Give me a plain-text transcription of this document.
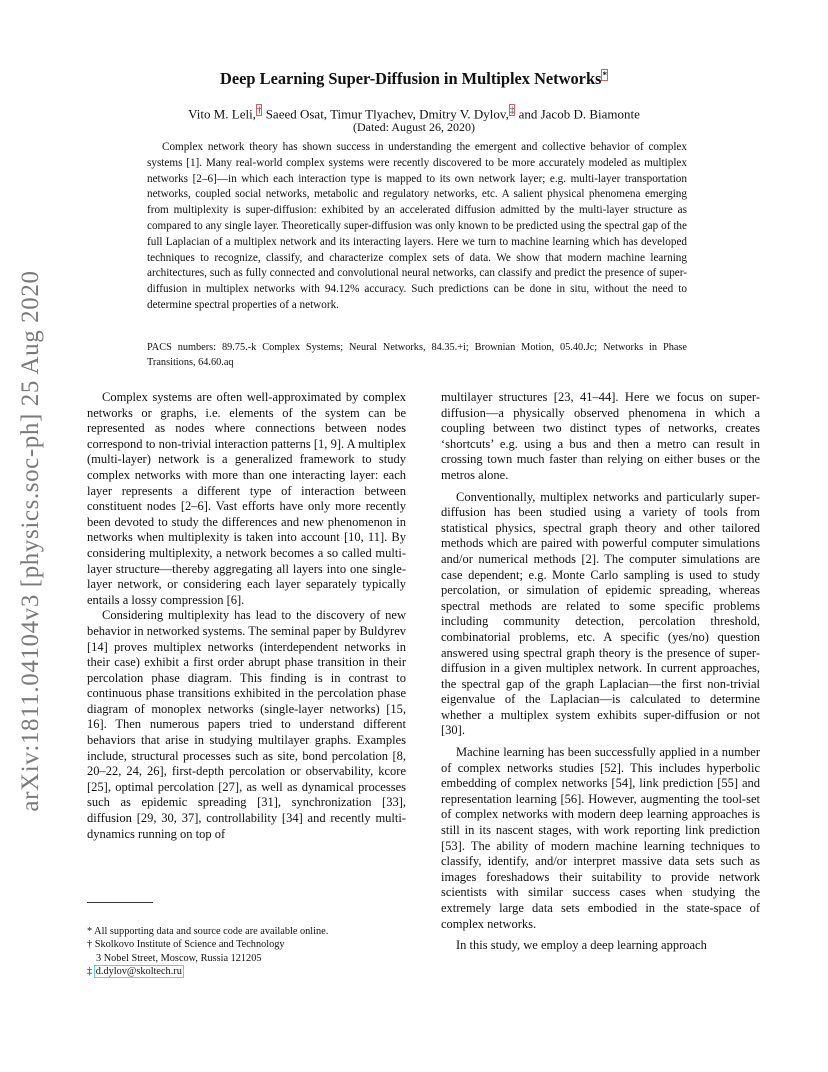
arXiv:1811.04104v3 [physics.soc-ph] 25 Aug 2020
Deep Learning Super-Diffusion in Multiplex Networks*
Vito M. Leli,† Saeed Osat, Timur Tlyachev, Dmitry V. Dylov,‡ and Jacob D. Biamonte
(Dated: August 26, 2020)

Complex network theory has shown success in understanding the emergent and collective behavior of complex systems [1]. Many real-world complex systems were recently discovered to be more accurately modeled as multiplex networks [2–6]—in which each interaction type is mapped to its own network layer; e.g. multi-layer transportation networks, coupled social networks, metabolic and regulatory networks, etc. A salient physical phenomena emerging from multiplexity is super-diffusion: exhibited by an accelerated diffusion admitted by the multi-layer structure as compared to any single layer. Theoretically super-diffusion was only known to be predicted using the spectral gap of the full Laplacian of a multiplex network and its interacting layers. Here we turn to machine learning which has developed techniques to recognize, classify, and characterize complex sets of data. We show that modern machine learning architectures, such as fully connected and convolutional neural networks, can classify and predict the presence of super-diffusion in multiplex networks with 94.12% accuracy. Such predictions can be done in situ, without the need to determine spectral properties of a network.

PACS numbers: 89.75.-k Complex Systems; Neural Networks, 84.35.+i; Brownian Motion, 05.40.Jc; Networks in Phase Transitions, 64.60.aq

Complex systems are often well-approximated by complex networks or graphs, i.e. elements of the system can be represented as nodes where connections between nodes correspond to non-trivial interaction patterns [1, 9]. A multiplex (multi-layer) network is a generalized framework to study complex networks with more than one interacting layer: each layer represents a different type of interaction between constituent nodes [2–6]. Vast efforts have only more recently been devoted to study the differences and new phenomenon in networks when multiplexity is taken into account [10, 11]. By considering multiplexity, a network becomes a so called multi-layer structure—thereby aggregating all layers into one single-layer network, or considering each layer separately typically entails a lossy compression [6].

Considering multiplexity has lead to the discovery of new behavior in networked systems. The seminal paper by Buldyrev [14] proves multiplex networks (interdependent networks in their case) exhibit a first order abrupt phase transition in their percolation phase diagram. This finding is in contrast to continuous phase transitions exhibited in the percolation phase diagram of monoplex networks (single-layer networks) [15, 16]. Then numerous papers tried to understand different behaviors that arise in studying multilayer graphs. Examples include, structural processes such as site, bond percolation [8, 20–22, 24, 26], first-depth percolation or observability, kcore [25], optimal percolation [27], as well as dynamical processes such as epidemic spreading [31], synchronization [33], diffusion [29, 30, 37], controllability [34] and recently multi-dynamics running on top of

multilayer structures [23, 41–44]. Here we focus on super-diffusion—a physically observed phenomena in which a coupling between two distinct types of networks, creates ‘shortcuts’ e.g. using a bus and then a metro can result in crossing town much faster than relying on either buses or the metros alone.

Conventionally, multiplex networks and particularly super-diffusion has been studied using a variety of tools from statistical physics, spectral graph theory and other tailored methods which are paired with powerful computer simulations and/or numerical methods [2]. The computer simulations are case dependent; e.g. Monte Carlo sampling is used to study percolation, or simulation of epidemic spreading, whereas spectral methods are related to some specific problems including community detection, percolation threshold, combinatorial problems, etc. A specific (yes/no) question answered using spectral graph theory is the presence of super-diffusion in a given multiplex network. In current approaches, the spectral gap of the graph Laplacian—the first non-trivial eigenvalue of the Laplacian—is calculated to determine whether a multiplex system exhibits super-diffusion or not [30].

Machine learning has been successfully applied in a number of complex networks studies [52]. This includes hyperbolic embedding of complex networks [54], link prediction [55] and representation learning [56]. However, augmenting the tool-set of complex networks with modern deep learning approaches is still in its nascent stages, with work reporting link prediction [53]. The ability of modern machine learning techniques to classify, identify, and/or interpret massive data sets such as images foreshadows their suitability to provide network scientists with similar success cases when studying the extremely large data sets embodied in the state-space of complex networks.

In this study, we employ a deep learning approach

* All supporting data and source code are available online.
† Skolkovo Institute of Science and Technology
3 Nobel Street, Moscow, Russia 121205
‡ d.dylov@skoltech.ru
